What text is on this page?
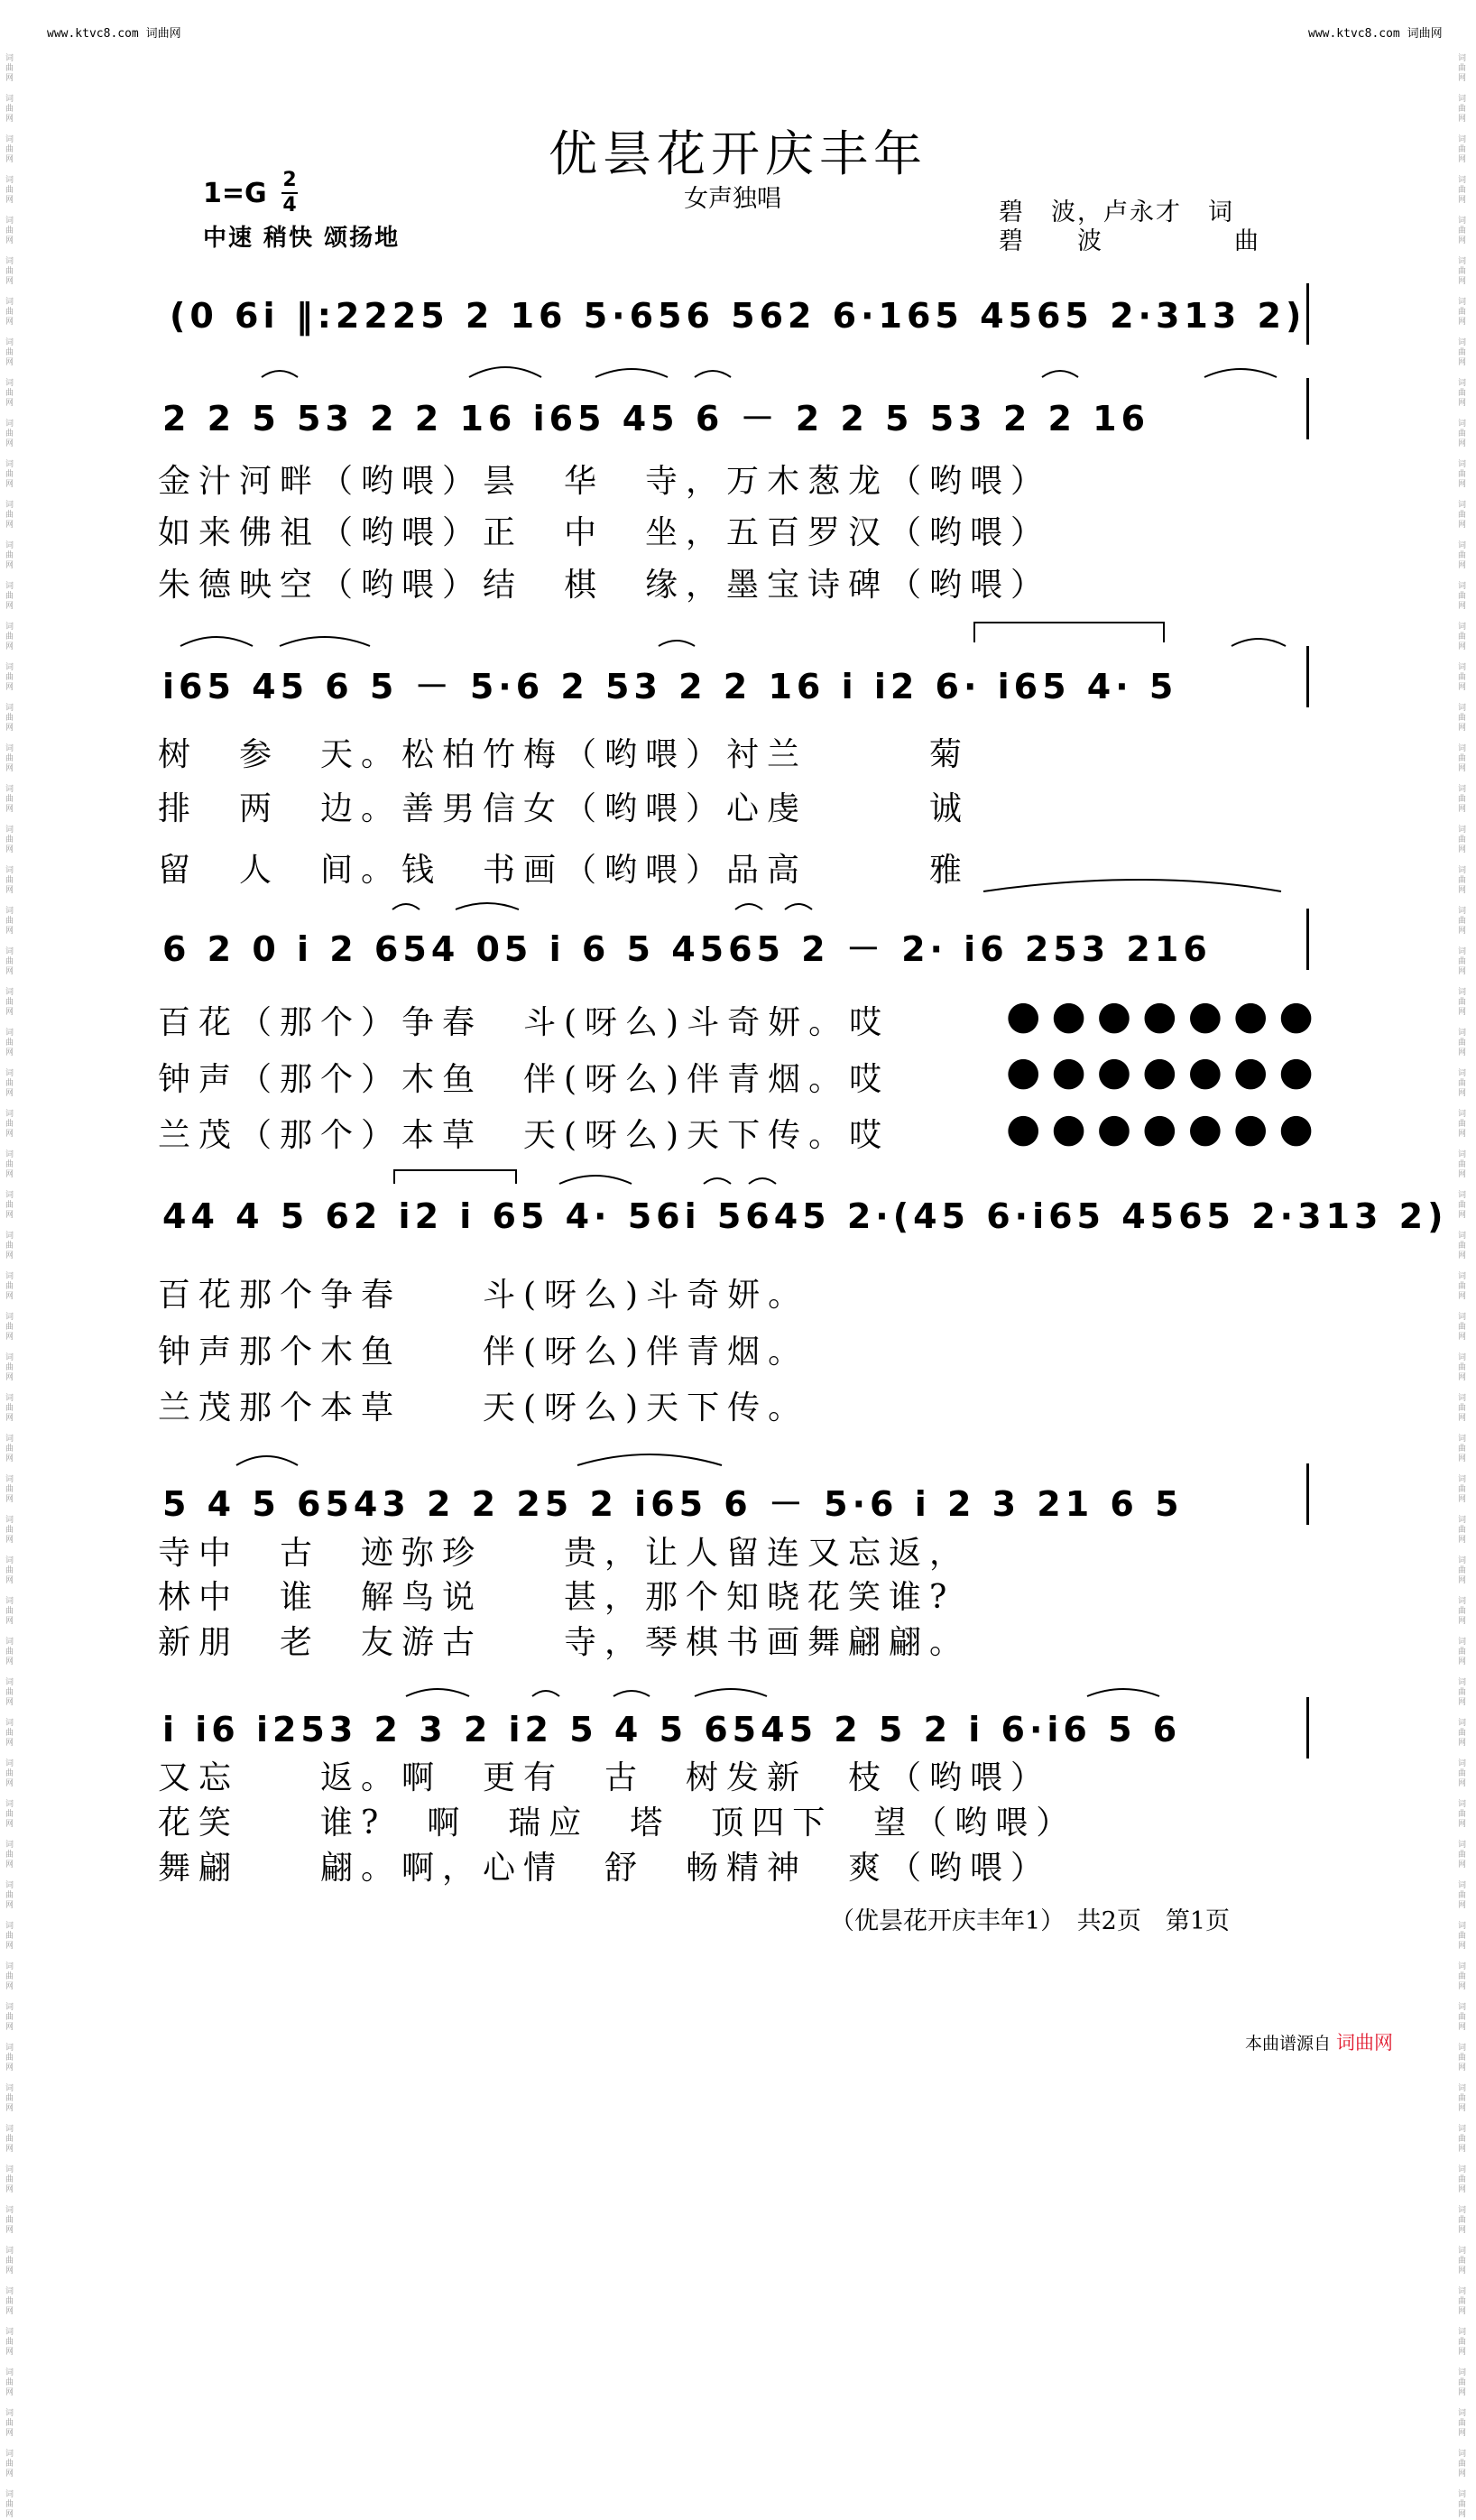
www.ktvc8.com 词曲网	www.ktvc8.com 词曲网
词曲网
词曲网
词曲网
词曲网
词曲网
词曲网
词曲网
词曲网
词曲网
词曲网
词曲网
词曲网
词曲网
词曲网
词曲网
词曲网
词曲网
词曲网
词曲网
词曲网
词曲网
词曲网
词曲网
词曲网
词曲网
词曲网
词曲网
词曲网
词曲网
词曲网
词曲网
词曲网
词曲网
词曲网
词曲网
词曲网
词曲网
词曲网
词曲网
词曲网
词曲网
词曲网
词曲网
词曲网
词曲网
词曲网
词曲网
词曲网
词曲网
词曲网
词曲网
词曲网
词曲网
词曲网
词曲网
词曲网
词曲网
词曲网
词曲网
词曲网
词曲网
词曲网
词曲网
词曲网
词曲网
词曲网
词曲网
词曲网
词曲网
词曲网
词曲网
词曲网
词曲网
词曲网
词曲网
词曲网
词曲网
词曲网
词曲网
词曲网
词曲网
词曲网
词曲网
词曲网
词曲网
词曲网
词曲网
词曲网
词曲网
词曲网
词曲网
词曲网
词曲网
词曲网
词曲网
词曲网
词曲网
词曲网
词曲网
词曲网
词曲网
词曲网
词曲网
词曲网
词曲网
词曲网
词曲网
词曲网
词曲网
词曲网
词曲网
词曲网
词曲网
词曲网
词曲网
词曲网
词曲网
词曲网
词曲网
词曲网
词曲网
词曲网
优昙花开庆丰年
女声独唱
1=G 2
4
中速 稍快 颂扬地
碧　波，卢永才　词
碧　　波　　　　　曲
(0 6i ‖:2225 2 16 5·656 562 6·165 4565 2·313 2)
2 2 5 53 2 2 16 i65 45 6 － 2 2 5 53 2 2 16
金汁河畔（哟喂）昙　华　寺，万木葱龙（哟喂）
如来佛祖（哟喂）正　中　坐，五百罗汉（哟喂）
朱德映空（哟喂）结　棋　缘，墨宝诗碑（哟喂）
i65 45 6 5 － 5·6 2 53 2 2 16 i i2 6· i65 4· 5
树　参　天。松柏竹梅（哟喂）衬兰　　　菊
排　两　边。善男信女（哟喂）心虔　　　诚
留　人　间。钱　书画（哟喂）品高　　　雅
6 2 0 i 2 654 05 i 6 5 4565 2 － 2· i6 253 216
百花（那个）争春　斗(呀么)斗奇妍。哎
钟声（那个）木鱼　伴(呀么)伴青烟。哎
兰茂（那个）本草　天(呀么)天下传。哎
●●●●●●●
●●●●●●●
●●●●●●●
44 4 5 62 i2 i 65 4· 56i 5645 2·(45 6·i65 4565 2·313 2)
百花那个争春　　斗(呀么)斗奇妍。
钟声那个木鱼　　伴(呀么)伴青烟。
兰茂那个本草　　天(呀么)天下传。
5 4 5 6543 2 2 25 2 i65 6 － 5·6 i 2 3 21 6 5
寺中　古　迹弥珍　　贵，让人留连又忘返，
林中　谁　解鸟说　　甚，那个知晓花笑谁?
新朋　老　友游古　　寺，琴棋书画舞翩翩。
i i6 i253 2 3 2 i2 5 4 5 6545 2 5 2 i 6·i6 5 6
又忘　　返。啊　更有　古　树发新　枝（哟喂）
花笑　　谁?　啊　瑞应　塔　顶四下　望（哟喂）
舞翩　　翩。啊，心情　舒　畅精神　爽（哟喂）
（优昙花开庆丰年1）　共2页　第1页
本曲谱源自 词曲网
